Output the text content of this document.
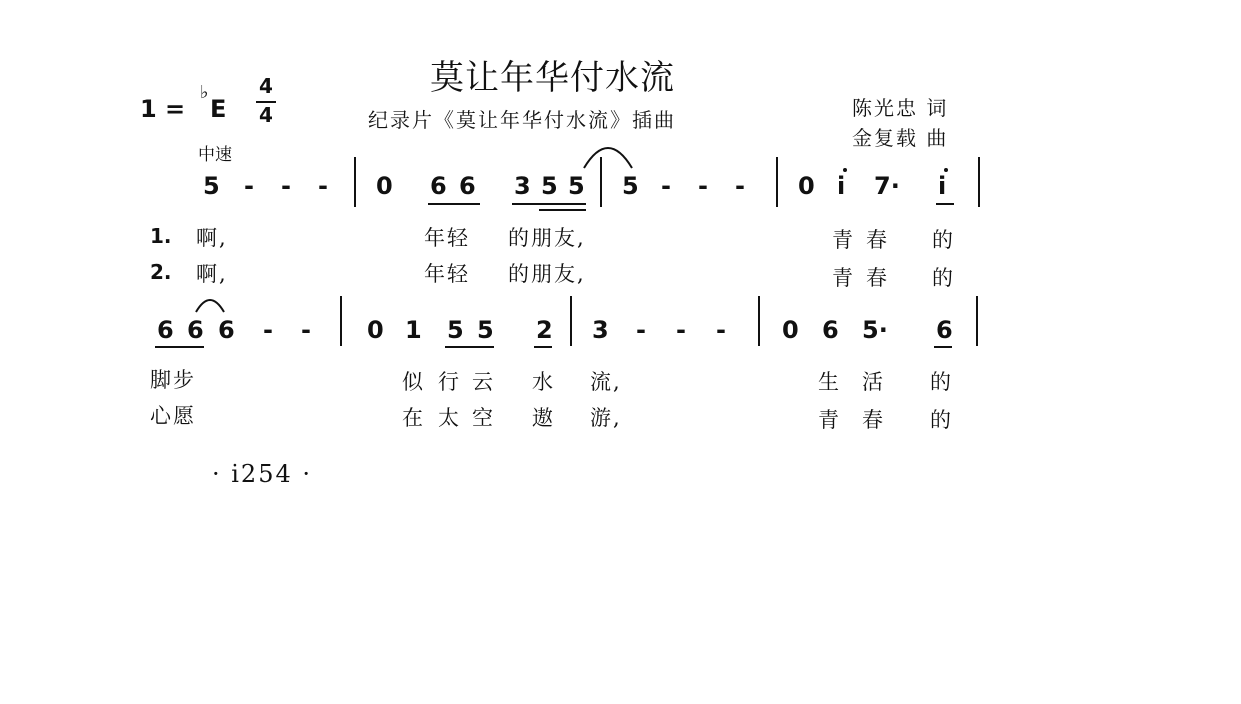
莫让年华付水流
纪录片《莫让年华付水流》插曲	陈光忠 词
金复载 曲
1 =
♭
E
4
4
中速
5 - - - 0 6 6 3 5 5 5 - - - 0 i 7· i
1. 啊,	年轻 的朋友,	青 春 的
2. 啊,	年轻 的朋友,	青 春 的
6 6 6 - - 0 1 5 5 2 3 - - - 0 6 5· 6
脚步	似 行 云 水 流,	生 活 的
心愿	在 太 空 遨 游,	青 春 的
· i254 ·
